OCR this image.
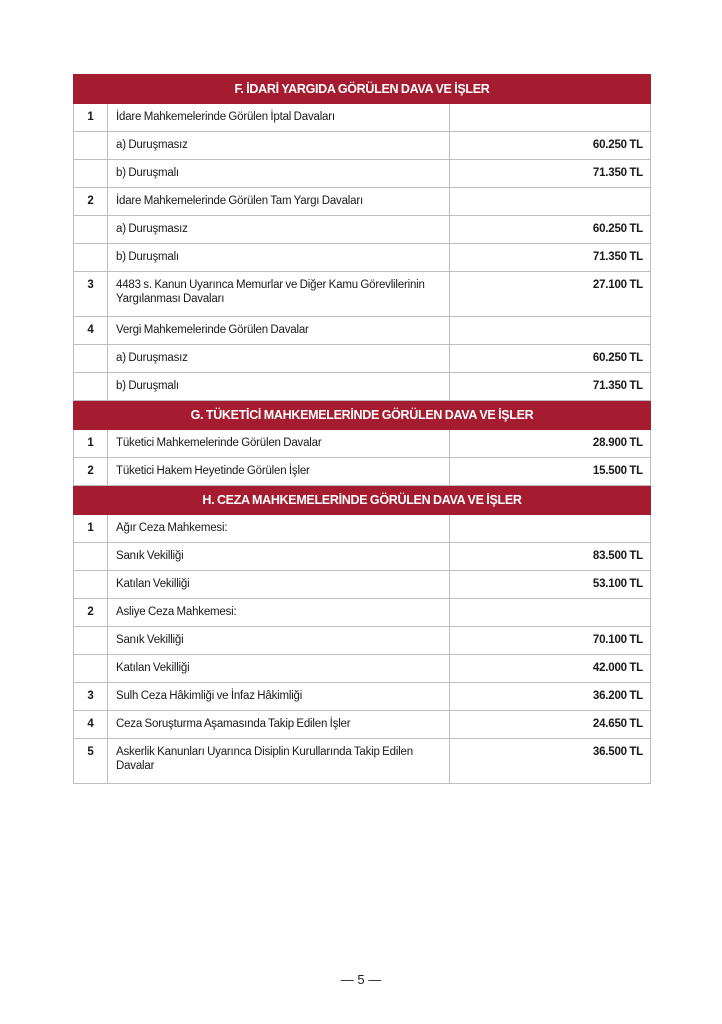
F. İDARİ YARGIDA GÖRÜLEN DAVA VE İŞLER		
1	İdare Mahkemelerinde Görülen İptal Davaları	
	a) Duruşmasız	60.250 TL
	b) Duruşmalı	71.350 TL
2	İdare Mahkemelerinde Görülen Tam Yargı Davaları	
	a) Duruşmasız	60.250 TL
	b) Duruşmalı	71.350 TL
3	4483 s. Kanun Uyarınca Memurlar ve Diğer Kamu Görevlilerinin Yargılanması Davaları	27.100 TL
4	Vergi Mahkemelerinde Görülen Davalar	
	a) Duruşmasız	60.250 TL
	b) Duruşmalı	71.350 TL
G. TÜKETİCİ MAHKEMELERİNDE GÖRÜLEN DAVA VE İŞLER		
1	Tüketici Mahkemelerinde Görülen Davalar	28.900 TL
2	Tüketici Hakem Heyetinde Görülen İşler	15.500 TL
H. CEZA MAHKEMELERİNDE GÖRÜLEN DAVA VE İŞLER		
1	Ağır Ceza Mahkemesi:	
	Sanık Vekilliği	83.500 TL
	Katılan Vekilliği	53.100 TL
2	Asliye Ceza Mahkemesi:	
	Sanık Vekilliği	70.100 TL
	Katılan Vekilliği	42.000 TL
3	Sulh Ceza Hâkimliği ve İnfaz Hâkimliği	36.200 TL
4	Ceza Soruşturma Aşamasında Takip Edilen İşler	24.650 TL
5	Askerlik Kanunları Uyarınca Disiplin Kurullarında Takip Edilen Davalar	36.500 TL
— 5 —
